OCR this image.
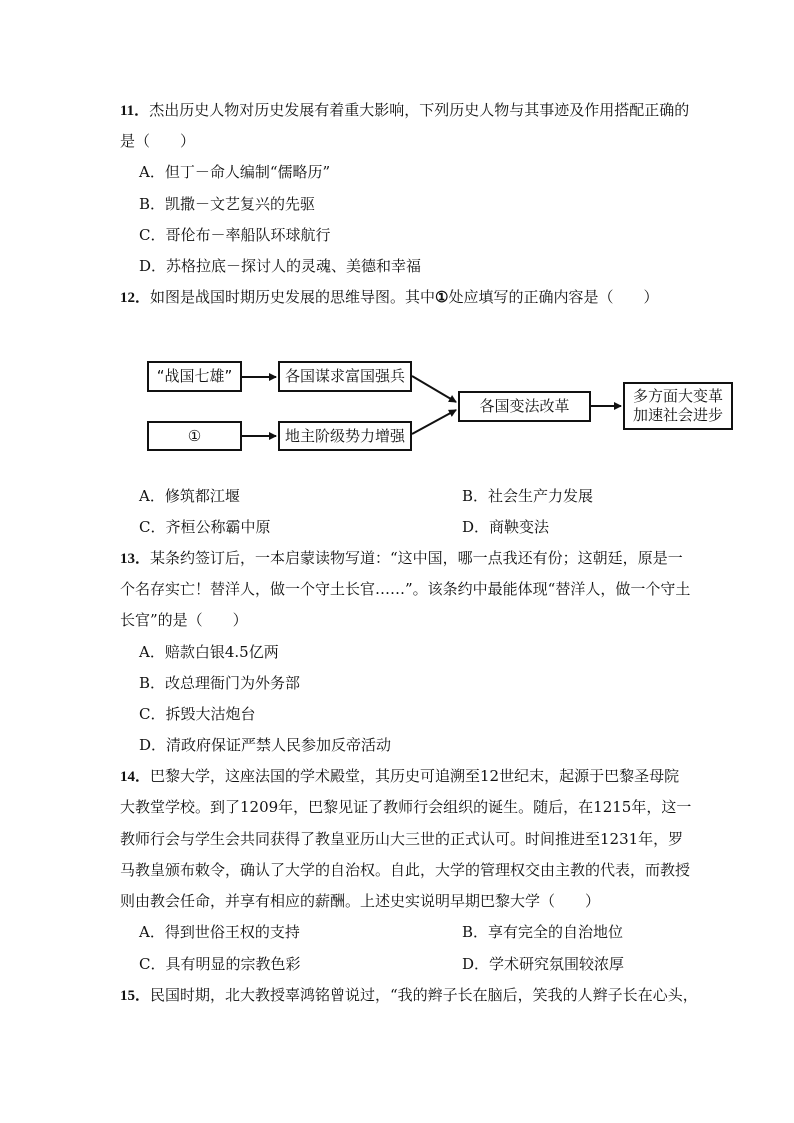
11．杰出历史人物对历史发展有着重大影响，下列历史人物与其事迹及作用搭配正确的
是（　　）
A．但丁－命人编制“儒略历”
B．凯撒－文艺复兴的先驱
C．哥伦布－率船队环球航行
D．苏格拉底－探讨人的灵魂、美德和幸福
12．如图是战国时期历史发展的思维导图。其中①处应填写的正确内容是（　　）
“战国七雄”	各国谋求富国强兵
①	地主阶级势力增强
各国变法改革
多方面大变革
加速社会进步
A．修筑都江堰	B．社会生产力发展
C．齐桓公称霸中原	D．商鞅变法
13．某条约签订后，一本启蒙读物写道：“这中国，哪一点我还有份；这朝廷，原是一
个名存实亡！替洋人，做一个守土长官……”。该条约中最能体现“替洋人，做一个守土
长官”的是（　　）
A．赔款白银4.5亿两
B．改总理衙门为外务部
C．拆毁大沽炮台
D．清政府保证严禁人民参加反帝活动
14．巴黎大学，这座法国的学术殿堂，其历史可追溯至12世纪末，起源于巴黎圣母院
大教堂学校。到了1209年，巴黎见证了教师行会组织的诞生。随后，在1215年，这一
教师行会与学生会共同获得了教皇亚历山大三世的正式认可。时间推进至1231年，罗
马教皇颁布敕令，确认了大学的自治权。自此，大学的管理权交由主教的代表，而教授
则由教会任命，并享有相应的薪酬。上述史实说明早期巴黎大学（　　）
A．得到世俗王权的支持	B．享有完全的自治地位
C．具有明显的宗教色彩	D．学术研究氛围较浓厚
15．民国时期，北大教授辜鸿铭曾说过，“我的辫子长在脑后，笑我的人辫子长在心头，
